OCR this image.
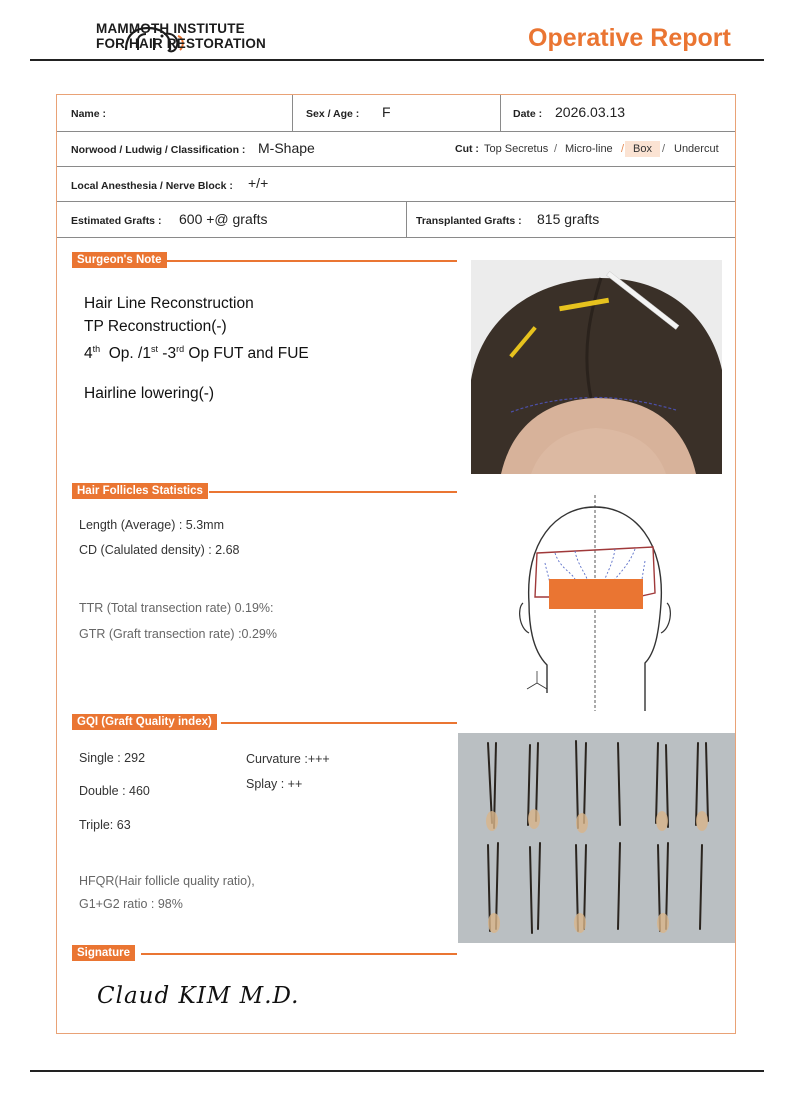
MAMMOTH INSTITUTE
FOR HAIR RESTORATION	Operative Report
Name :	Sex / Age : F	Date : 2026.03.13
Norwood / Ludwig / Classification : M-Shape	Cut : Top Secretus / Micro-line / Box / Undercut
Local Anesthesia / Nerve Block : +/+
Estimated Grafts : 600 +@ grafts	Transplanted Grafts : 815 grafts
Surgeon's Note
Hair Line Reconstruction
TP Reconstruction(-)
4th  Op. /1st -3rd Op FUT and FUE
Hairline lowering(-)
Hair Follicles Statistics
Length (Average) : 5.3mm
CD (Calulated density) : 2.68
TTR (Total transection rate) 0.19%:
GTR (Graft transection rate) :0.29%
GQI (Graft Quality index)
Single : 292
Double : 460
Triple: 63
Curvature :+++
Splay : ++
HFQR(Hair follicle quality ratio),
G1+G2 ratio : 98%
Signature
Claud KIM M.D.
